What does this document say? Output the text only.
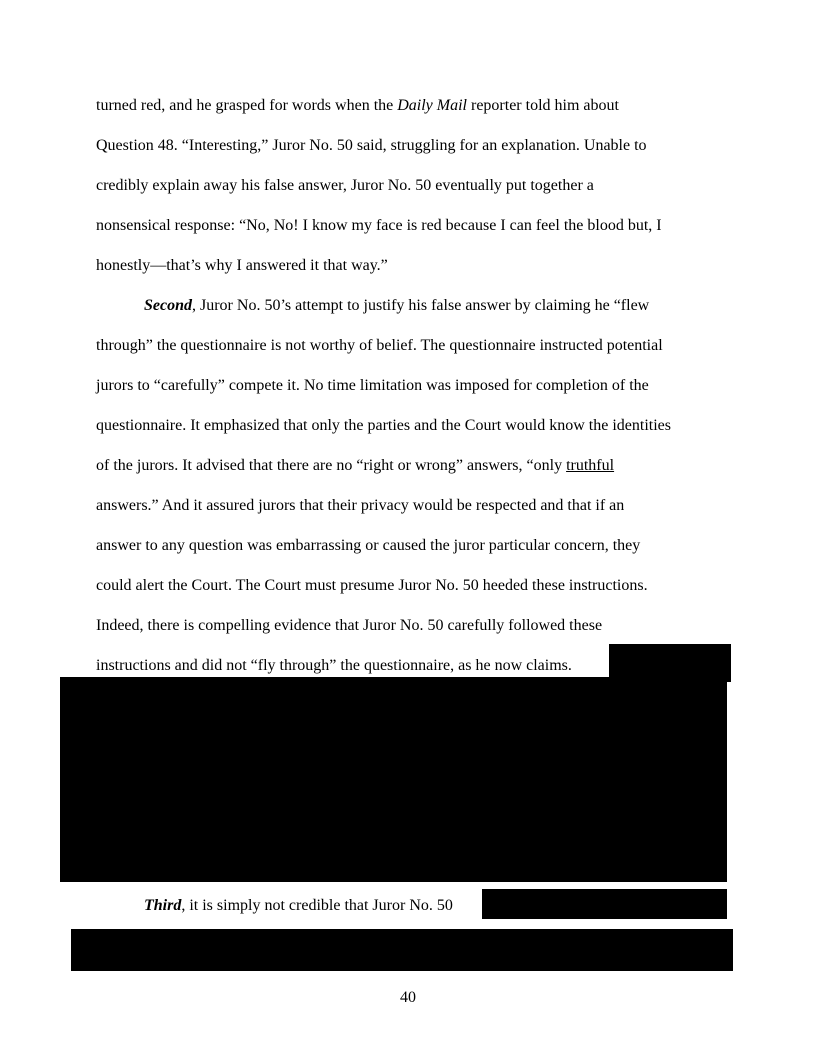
turned red, and he grasped for words when the Daily Mail reporter told him about
Question 48. “Interesting,” Juror No. 50 said, struggling for an explanation. Unable to
credibly explain away his false answer, Juror No. 50 eventually put together a
nonsensical response: “No, No! I know my face is red because I can feel the blood but, I
honestly—that’s why I answered it that way.”
Second, Juror No. 50’s attempt to justify his false answer by claiming he “flew
through” the questionnaire is not worthy of belief. The questionnaire instructed potential
jurors to “carefully” compete it. No time limitation was imposed for completion of the
questionnaire. It emphasized that only the parties and the Court would know the identities
of the jurors. It advised that there are no “right or wrong” answers, “only truthful
answers.” And it assured jurors that their privacy would be respected and that if an
answer to any question was embarrassing or caused the juror particular concern, they
could alert the Court. The Court must presume Juror No. 50 heeded these instructions.
Indeed, there is compelling evidence that Juror No. 50 carefully followed these
instructions and did not “fly through” the questionnaire, as he now claims.
Third, it is simply not credible that Juror No. 50
40
